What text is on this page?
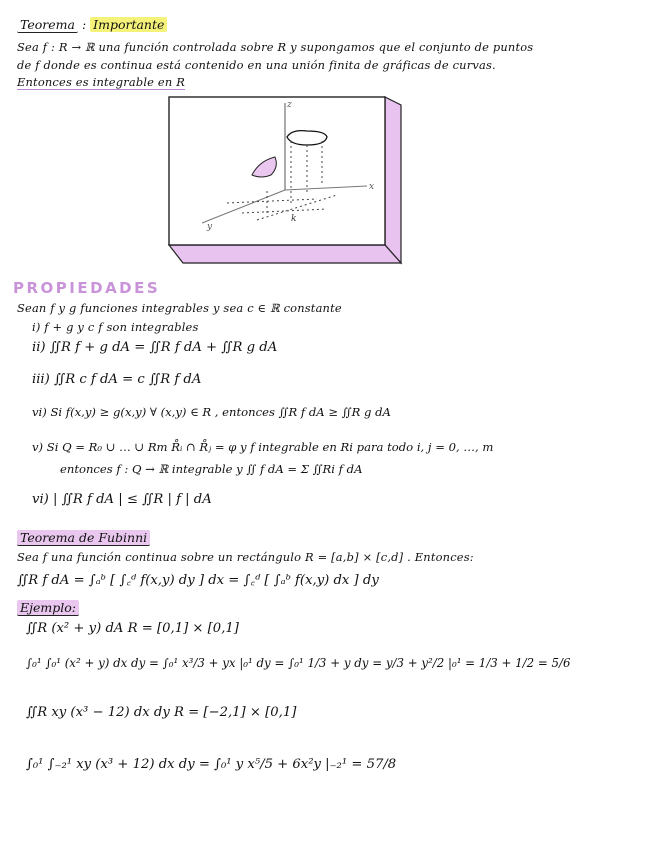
Teorema : Importante
Sea f : R → ℝ una función controlada sobre R y supongamos que el conjunto de puntos
de f donde es continua está contenido en una unión finita de gráficas de curvas.
Entonces es integrable en R
z
x
y
k
PROPIEDADES
Sean f y g funciones integrables y sea c ∈ ℝ constante
i) f + g y c f son integrables
ii) ∬R f + g dA = ∬R f dA + ∬R g dA
iii) ∬R c f dA = c ∬R f dA
vi) Si f(x,y) ≥ g(x,y) ∀ (x,y) ∈ R , entonces ∬R f dA ≥ ∬R g dA
v) Si Q = R₀ ∪ … ∪ Rm R̊ᵢ ∩ R̊ⱼ = φ y f integrable en Ri para todo i, j = 0, …, m
entonces f : Q → ℝ integrable y ∬ f dA = Σ ∬Ri f dA
vi) | ∬R f dA | ≤ ∬R | f | dA
Teorema de Fubinni
Sea f una función continua sobre un rectángulo R = [a,b] × [c,d] . Entonces:
∬R f dA = ∫ₐᵇ [ ∫꜀ᵈ f(x,y) dy ] dx = ∫꜀ᵈ [ ∫ₐᵇ f(x,y) dx ] dy
Ejemplo:
∬R (x² + y) dA R = [0,1] × [0,1]
∫₀¹ ∫₀¹ (x² + y) dx dy = ∫₀¹ x³/3 + yx |₀¹ dy = ∫₀¹ 1/3 + y dy = y/3 + y²/2 |₀¹ = 1/3 + 1/2 = 5/6
∬R xy (x³ − 12) dx dy R = [−2,1] × [0,1]
∫₀¹ ∫₋₂¹ xy (x³ + 12) dx dy = ∫₀¹ y x⁵/5 + 6x²y |₋₂¹ = 57/8
